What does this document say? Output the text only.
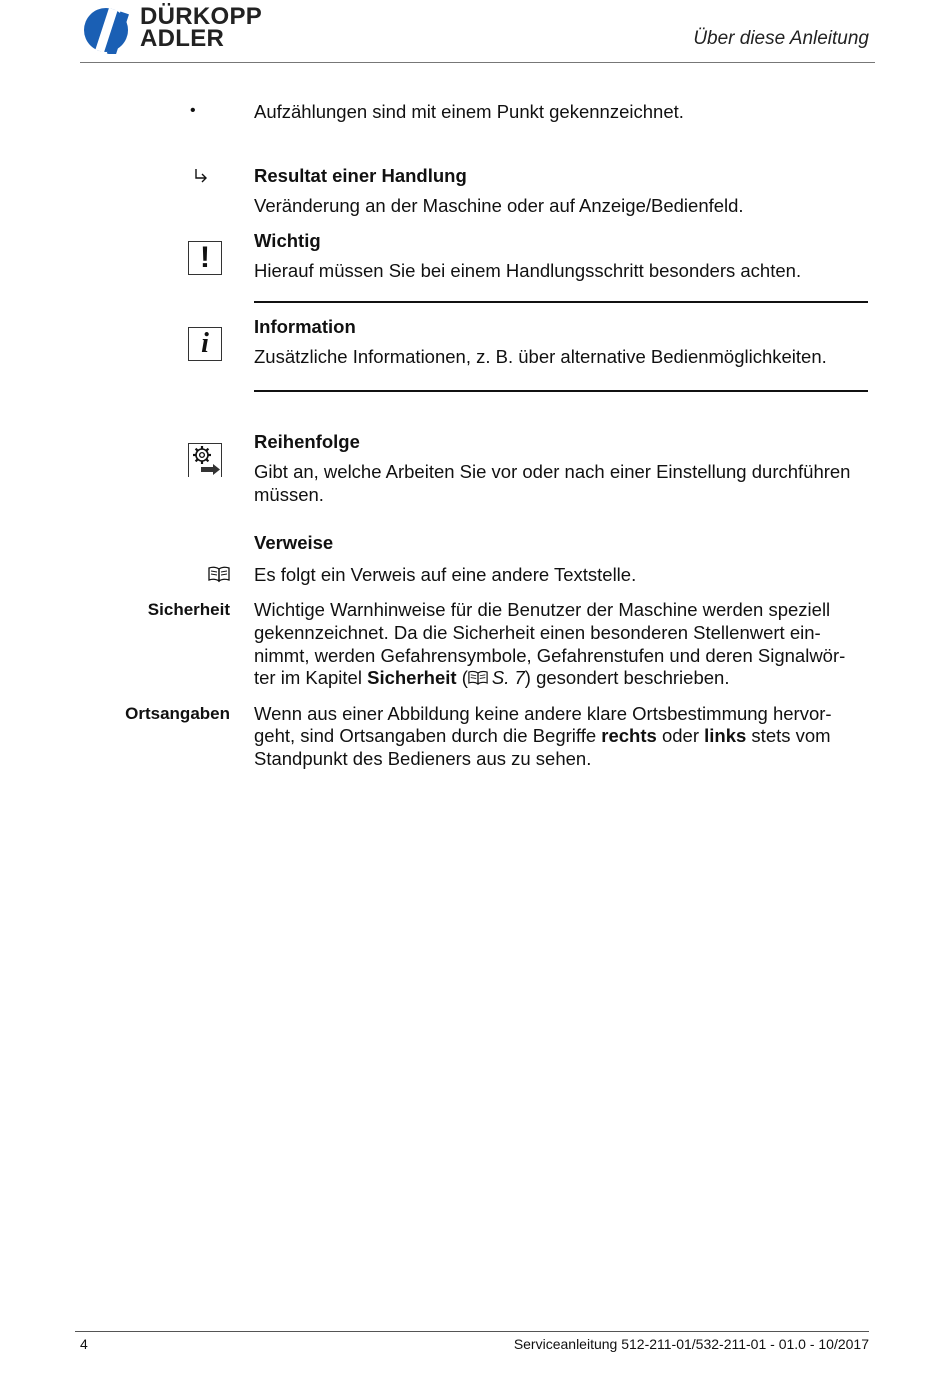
DÜRKOPP
ADLER	Über diese Anleitung
•	Aufzählungen sind mit einem Punkt gekennzeichnet.
Resultat einer Handlung
Veränderung an der Maschine oder auf Anzeige/Bedienfeld.
!
Wichtig
Hierauf müssen Sie bei einem Handlungsschritt besonders achten.
i
Information
Zusätzliche Informationen, z. B. über alternative Bedienmöglichkeiten.
Reihenfolge
Gibt an, welche Arbeiten Sie vor oder nach einer Einstellung durchführen
müssen.
Verweise
Es folgt ein Verweis auf eine andere Textstelle.
Sicherheit Wichtige Warnhinweise für die Benutzer der Maschine werden speziell
gekennzeichnet. Da die Sicherheit einen besonderen Stellenwert ein-
nimmt, werden Gefahrensymbole, Gefahrenstufen und deren Signalwör-
ter im Kapitel Sicherheit ( S. 7) gesondert beschrieben.
Ortsangaben Wenn aus einer Abbildung keine andere klare Ortsbestimmung hervor-
geht, sind Ortsangaben durch die Begriffe rechts oder links stets vom
Standpunkt des Bedieners aus zu sehen.
4	Serviceanleitung 512-211-01/532-211-01 - 01.0 - 10/2017
